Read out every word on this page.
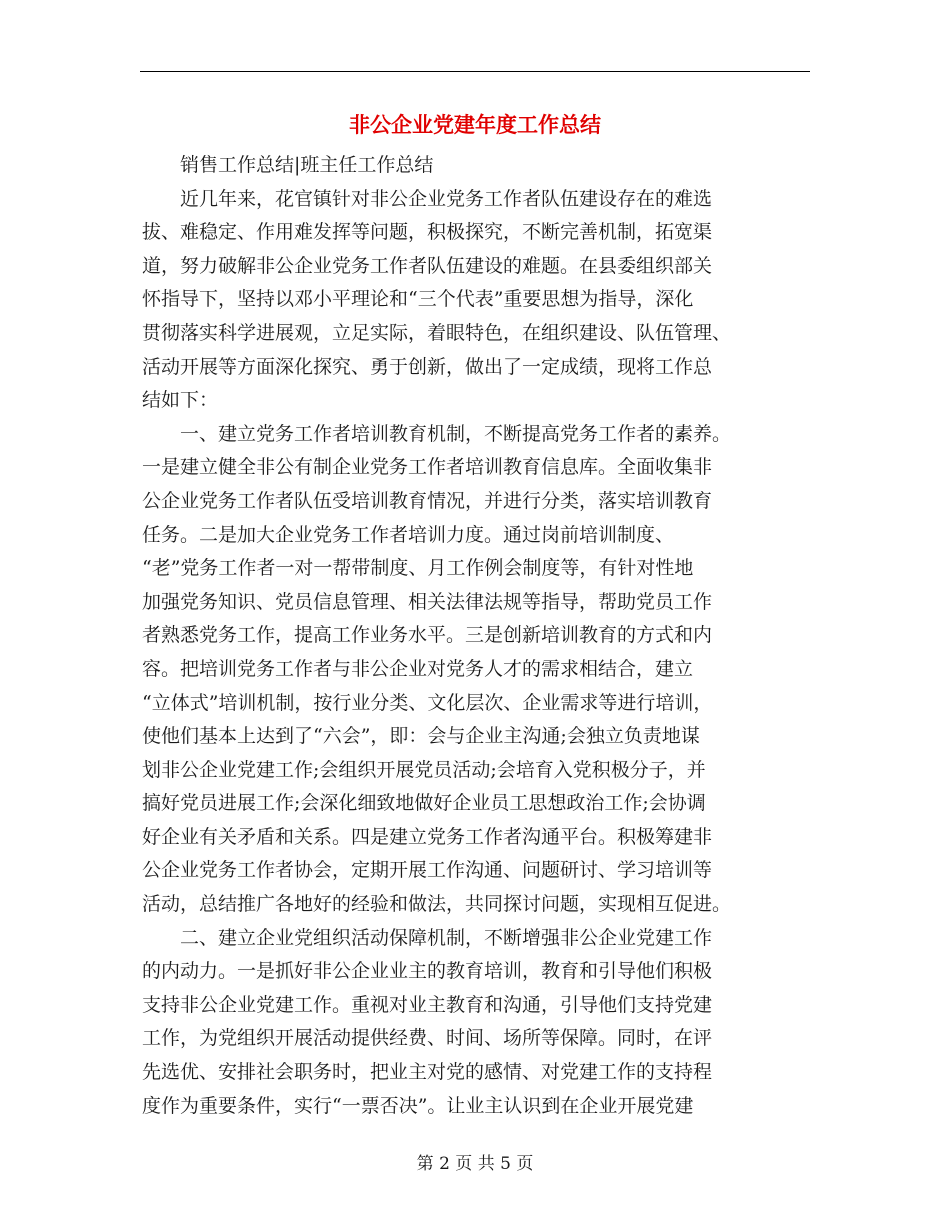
非公企业党建年度工作总结
　　销售工作总结|班主任工作总结
　　近几年来，花官镇针对非公企业党务工作者队伍建设存在的难选
拔、难稳定、作用难发挥等问题，积极探究，不断完善机制，拓宽渠
道，努力破解非公企业党务工作者队伍建设的难题。在县委组织部关
怀指导下，坚持以邓小平理论和“三个代表”重要思想为指导，深化
贯彻落实科学进展观，立足实际，着眼特色，在组织建设、队伍管理、
活动开展等方面深化探究、勇于创新，做出了一定成绩，现将工作总
结如下：
　　一、建立党务工作者培训教育机制，不断提高党务工作者的素养。
一是建立健全非公有制企业党务工作者培训教育信息库。全面收集非
公企业党务工作者队伍受培训教育情况，并进行分类，落实培训教育
任务。二是加大企业党务工作者培训力度。通过岗前培训制度、
“老”党务工作者一对一帮带制度、月工作例会制度等，有针对性地
加强党务知识、党员信息管理、相关法律法规等指导，帮助党员工作
者熟悉党务工作，提高工作业务水平。三是创新培训教育的方式和内
容。把培训党务工作者与非公企业对党务人才的需求相结合，建立
“立体式”培训机制，按行业分类、文化层次、企业需求等进行培训，
使他们基本上达到了“六会”，即：会与企业主沟通;会独立负责地谋
划非公企业党建工作;会组织开展党员活动;会培育入党积极分子，并
搞好党员进展工作;会深化细致地做好企业员工思想政治工作;会协调
好企业有关矛盾和关系。四是建立党务工作者沟通平台。积极筹建非
公企业党务工作者协会，定期开展工作沟通、问题研讨、学习培训等
活动，总结推广各地好的经验和做法，共同探讨问题，实现相互促进。
　　二、建立企业党组织活动保障机制，不断增强非公企业党建工作
的内动力。一是抓好非公企业业主的教育培训，教育和引导他们积极
支持非公企业党建工作。重视对业主教育和沟通，引导他们支持党建
工作，为党组织开展活动提供经费、时间、场所等保障。同时，在评
先选优、安排社会职务时，把业主对党的感情、对党建工作的支持程
度作为重要条件，实行“一票否决”。让业主认识到在企业开展党建
第 2 页 共 5 页
